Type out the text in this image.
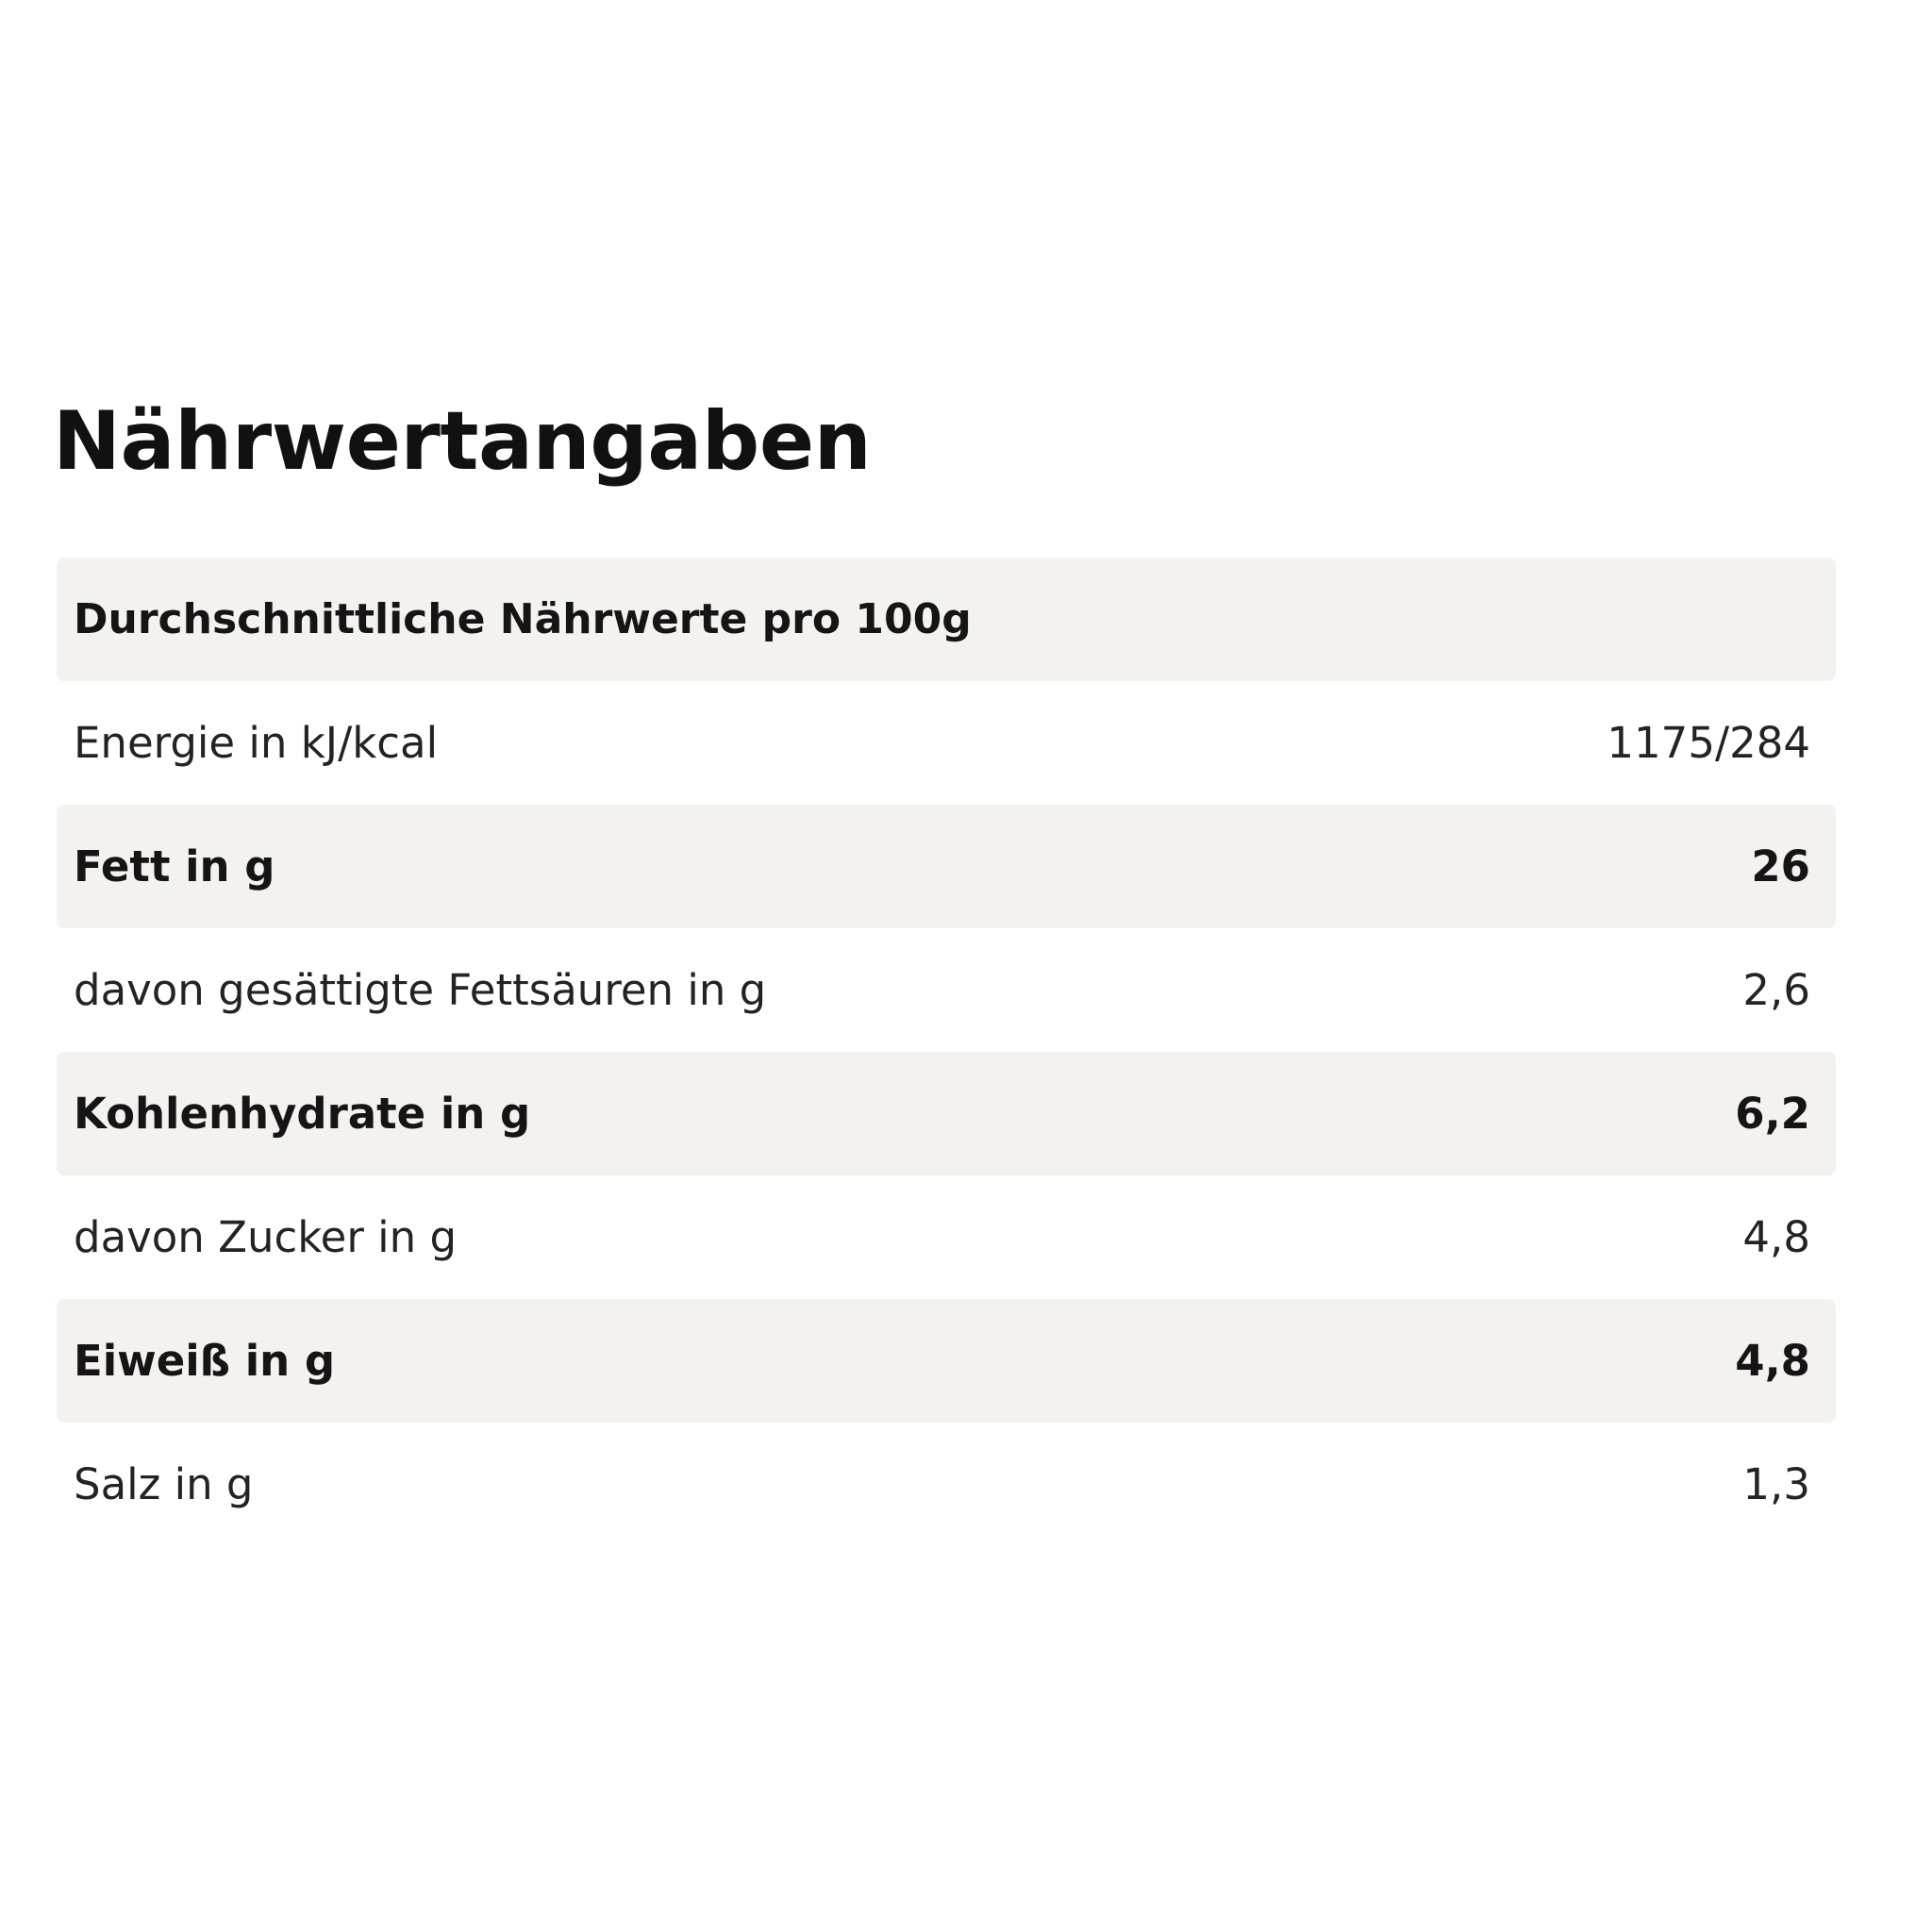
Nährwertangaben
Durchschnittliche Nährwerte pro 100g
Energie in kJ/kcal	1175/284
Fett in g	26
davon gesättigte Fettsäuren in g	2,6
Kohlenhydrate in g	6,2
davon Zucker in g	4,8
Eiweiß in g	4,8
Salz in g	1,3
